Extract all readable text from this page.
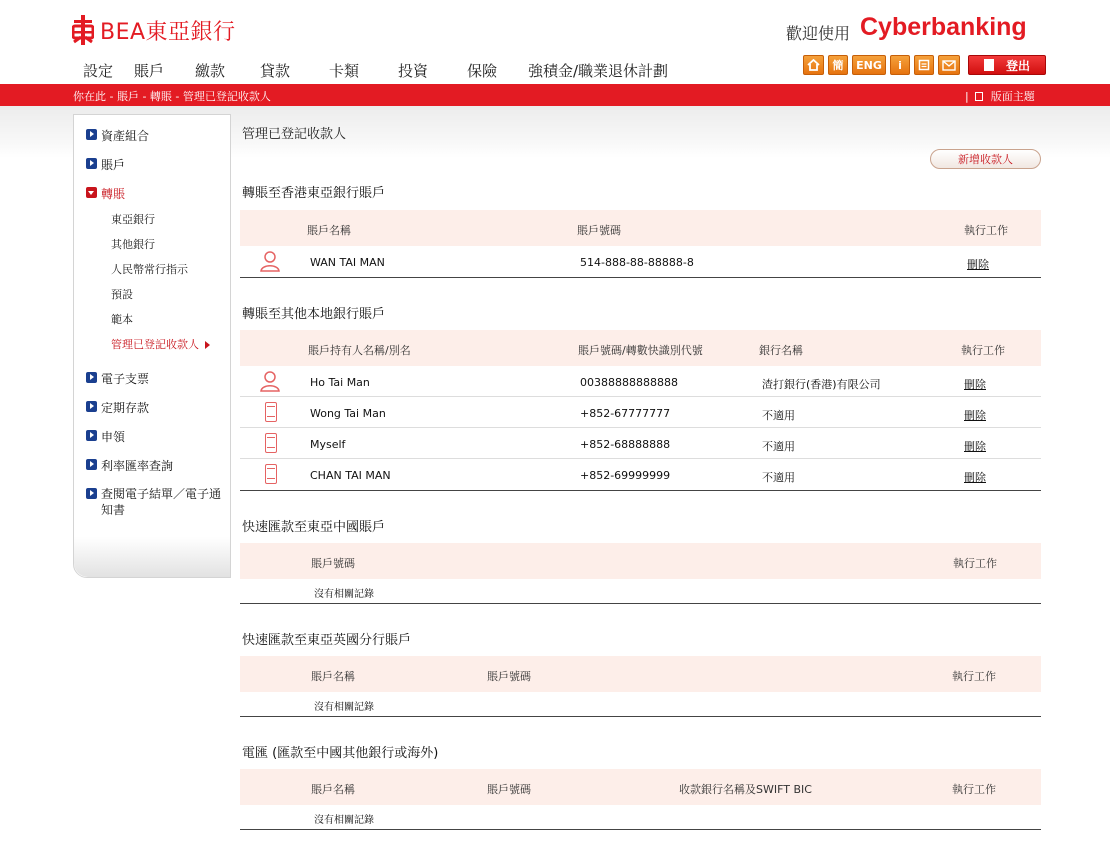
BEA東亞銀行	歡迎使用 Cyberbanking
設定 賬戶 繳款 貸款	卡類	投資	保險 強積金/職業退休計劃	簡	ENG	i	登出
你在此 - 賬戶 - 轉賬 - 管理已登記收款人	| 版面主題
資產組合
賬戶
轉賬
東亞銀行
其他銀行
人民幣常行指示
預設
範本
管理已登記收款人
電子支票
定期存款
申領
利率匯率查詢
查閱電子結單／電子通知書
管理已登記收款人
新增收款人
轉賬至香港東亞銀行賬戶
賬戶名稱	賬戶號碼	執行工作
WAN TAI MAN	514-888-88-88888-8	刪除
轉賬至其他本地銀行賬戶
賬戶持有人名稱/別名	賬戶號碼/轉數快識別代號	銀行名稱	執行工作
Ho Tai Man	00388888888888	渣打銀行(香港)有限公司	刪除
Wong Tai Man	+852-67777777	不適用	刪除
Myself	+852-68888888	不適用	刪除
CHAN TAI MAN	+852-69999999	不適用	刪除
快速匯款至東亞中國賬戶
賬戶號碼	執行工作
沒有相關記錄
快速匯款至東亞英國分行賬戶
賬戶名稱	賬戶號碼	執行工作
沒有相關記錄
電匯 (匯款至中國其他銀行或海外)
賬戶名稱	賬戶號碼	收款銀行名稱及SWIFT BIC	執行工作
沒有相關記錄
